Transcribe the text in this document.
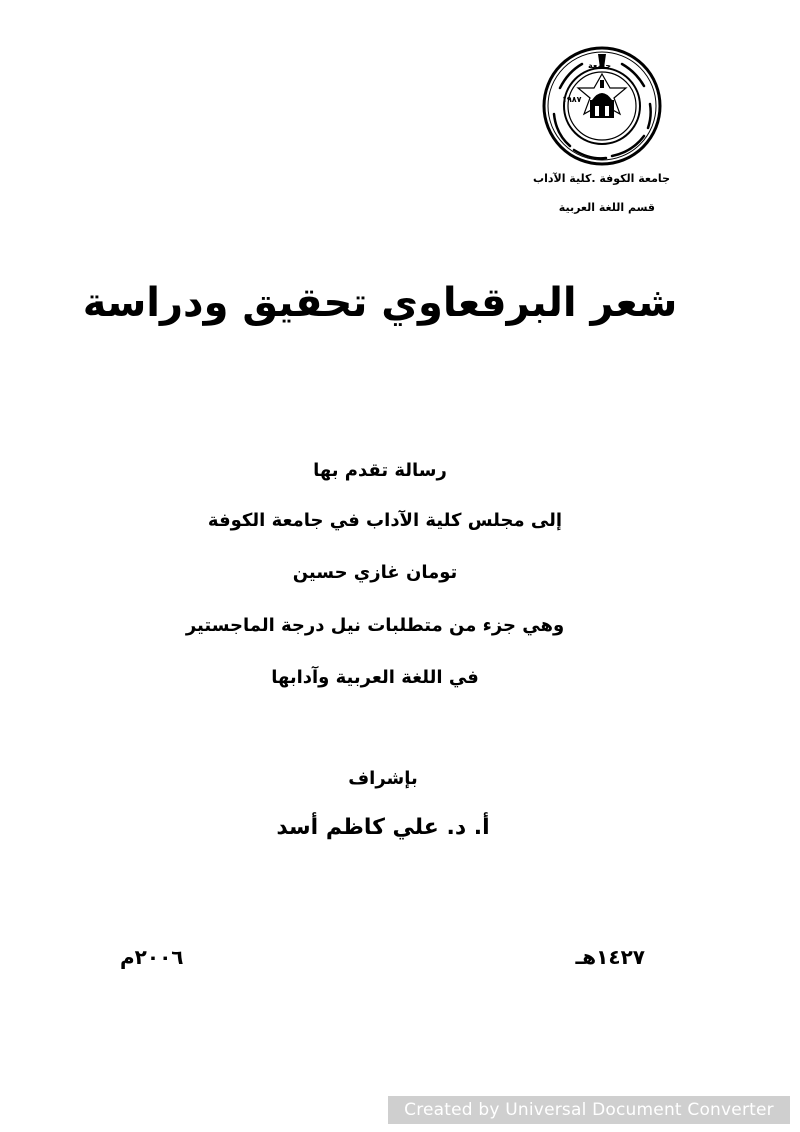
١٩٨٧
جامعة
جامعة الكوفة .كلية الآداب
قسم اللغة العربية
شعر البرقعاوي تحقيق ودراسة
رسالة تقدم بها
إلى مجلس كلية الآداب في جامعة الكوفة
تومان غازي حسين
وهي جزء من متطلبات نيل درجة الماجستير
في اللغة العربية وآدابها
بإشراف
أ. د. علي كاظم أسد
١٤٢٧هـ
٢٠٠٦م
Created by Universal Document Converter
